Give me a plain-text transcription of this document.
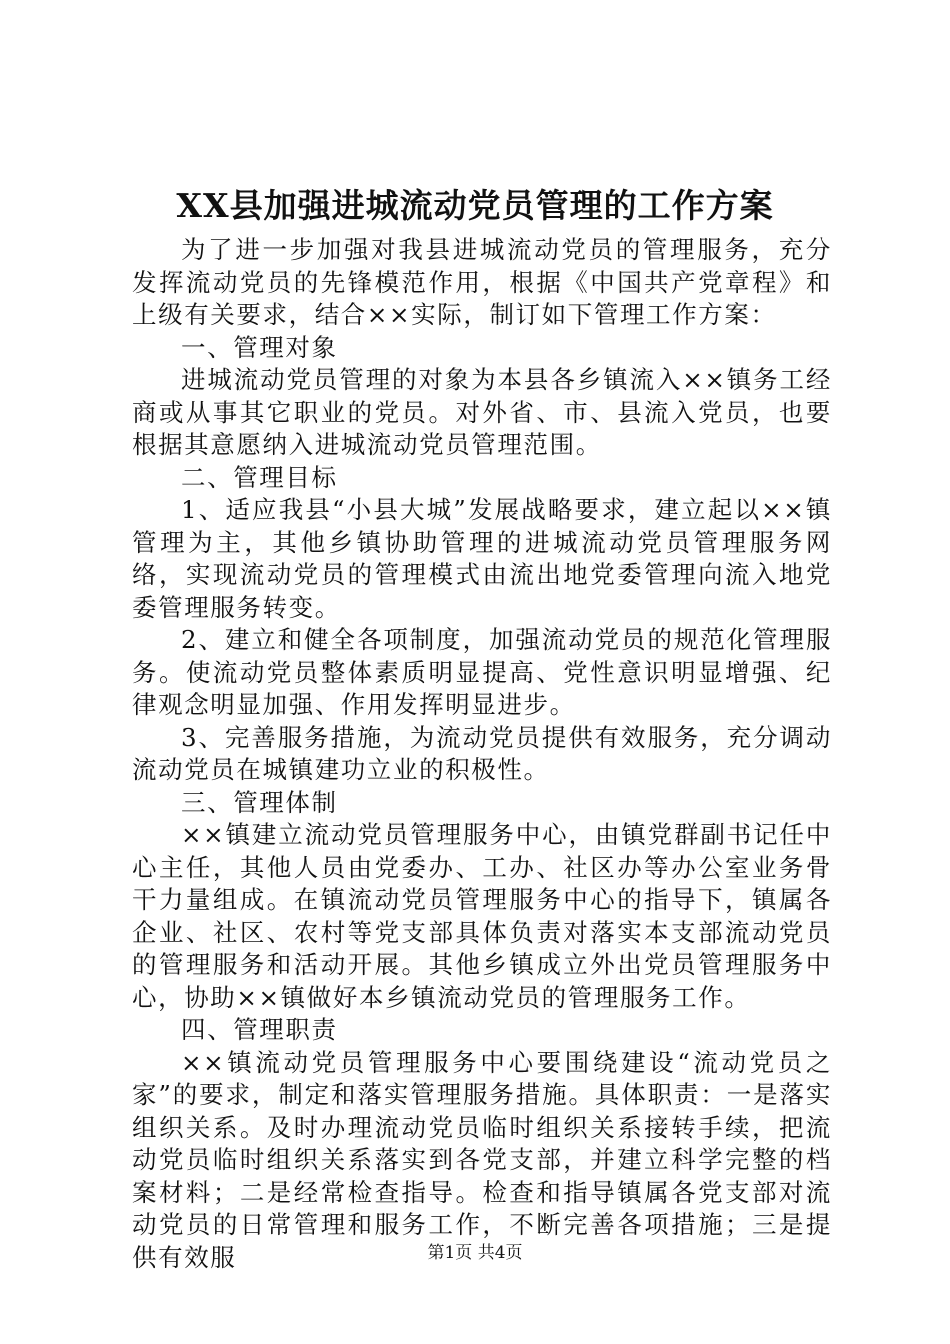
XX县加强进城流动党员管理的工作方案

为了进一步加强对我县进城流动党员的管理服务，充分发挥流动党员的先锋模范作用，根据《中国共产党章程》和上级有关要求，结合××实际，制订如下管理工作方案：

一、管理对象

进城流动党员管理的对象为本县各乡镇流入××镇务工经商或从事其它职业的党员。对外省、市、县流入党员，也要根据其意愿纳入进城流动党员管理范围。

二、管理目标

1、适应我县“小县大城”发展战略要求，建立起以××镇管理为主，其他乡镇协助管理的进城流动党员管理服务网络，实现流动党员的管理模式由流出地党委管理向流入地党委管理服务转变。

2、建立和健全各项制度，加强流动党员的规范化管理服务。使流动党员整体素质明显提高、党性意识明显增强、纪律观念明显加强、作用发挥明显进步。

3、完善服务措施，为流动党员提供有效服务，充分调动流动党员在城镇建功立业的积极性。

三、管理体制

××镇建立流动党员管理服务中心，由镇党群副书记任中心主任，其他人员由党委办、工办、社区办等办公室业务骨干力量组成。在镇流动党员管理服务中心的指导下，镇属各企业、社区、农村等党支部具体负责对落实本支部流动党员的管理服务和活动开展。其他乡镇成立外出党员管理服务中心，协助××镇做好本乡镇流动党员的管理服务工作。

四、管理职责

××镇流动党员管理服务中心要围绕建设“流动党员之家”的要求，制定和落实管理服务措施。具体职责：一是落实组织关系。及时办理流动党员临时组织关系接转手续，把流动党员临时组织关系落实到各党支部，并建立科学完整的档案材料；二是经常检查指导。检查和指导镇属各党支部对流动党员的日常管理和服务工作，不断完善各项措施；三是提供有效服	第1页 共4页
